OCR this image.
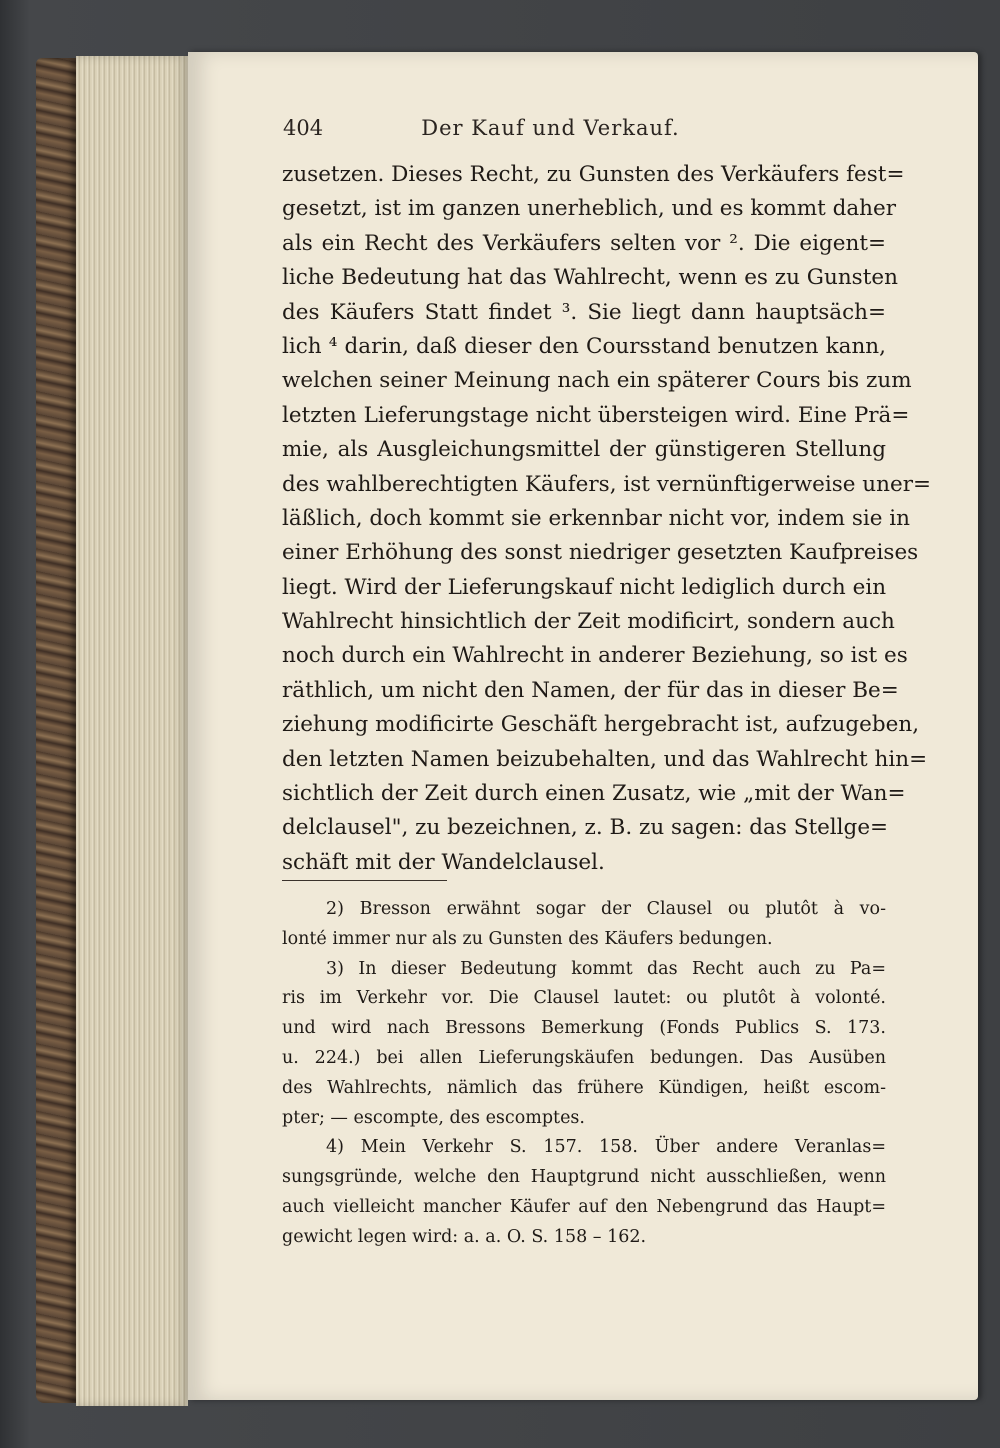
404	Der Kauf und Verkauf.
zusetzen. Dieses Recht, zu Gunsten des Verkäufers fest=
gesetzt, ist im ganzen unerheblich, und es kommt daher
als ein Recht des Verkäufers selten vor ². Die eigent=
liche Bedeutung hat das Wahlrecht, wenn es zu Gunsten
des Käufers Statt findet ³. Sie liegt dann hauptsäch=
lich ⁴ darin, daß dieser den Coursstand benutzen kann,
welchen seiner Meinung nach ein späterer Cours bis zum
letzten Lieferungstage nicht übersteigen wird. Eine Prä=
mie, als Ausgleichungsmittel der günstigeren Stellung
des wahlberechtigten Käufers, ist vernünftigerweise uner=
läßlich, doch kommt sie erkennbar nicht vor, indem sie in
einer Erhöhung des sonst niedriger gesetzten Kaufpreises
liegt. Wird der Lieferungskauf nicht lediglich durch ein
Wahlrecht hinsichtlich der Zeit modificirt, sondern auch
noch durch ein Wahlrecht in anderer Beziehung, so ist es
räthlich, um nicht den Namen, der für das in dieser Be=
ziehung modificirte Geschäft hergebracht ist, aufzugeben,
den letzten Namen beizubehalten, und das Wahlrecht hin=
sichtlich der Zeit durch einen Zusatz, wie „mit der Wan=
delclausel", zu bezeichnen, z. B. zu sagen: das Stellge=
schäft mit der Wandelclausel.
2) Bresson erwähnt sogar der Clausel ou plutôt à vo-
lonté immer nur als zu Gunsten des Käufers bedungen.
3) In dieser Bedeutung kommt das Recht auch zu Pa=
ris im Verkehr vor. Die Clausel lautet: ou plutôt à volonté.
und wird nach Bressons Bemerkung (Fonds Publics S. 173.
u. 224.) bei allen Lieferungskäufen bedungen. Das Ausüben
des Wahlrechts, nämlich das frühere Kündigen, heißt escom-
pter; — escompte, des escomptes.
4) Mein Verkehr S. 157. 158. Über andere Veranlas=
sungsgründe, welche den Hauptgrund nicht ausschließen, wenn
auch vielleicht mancher Käufer auf den Nebengrund das Haupt=
gewicht legen wird: a. a. O. S. 158 – 162.
